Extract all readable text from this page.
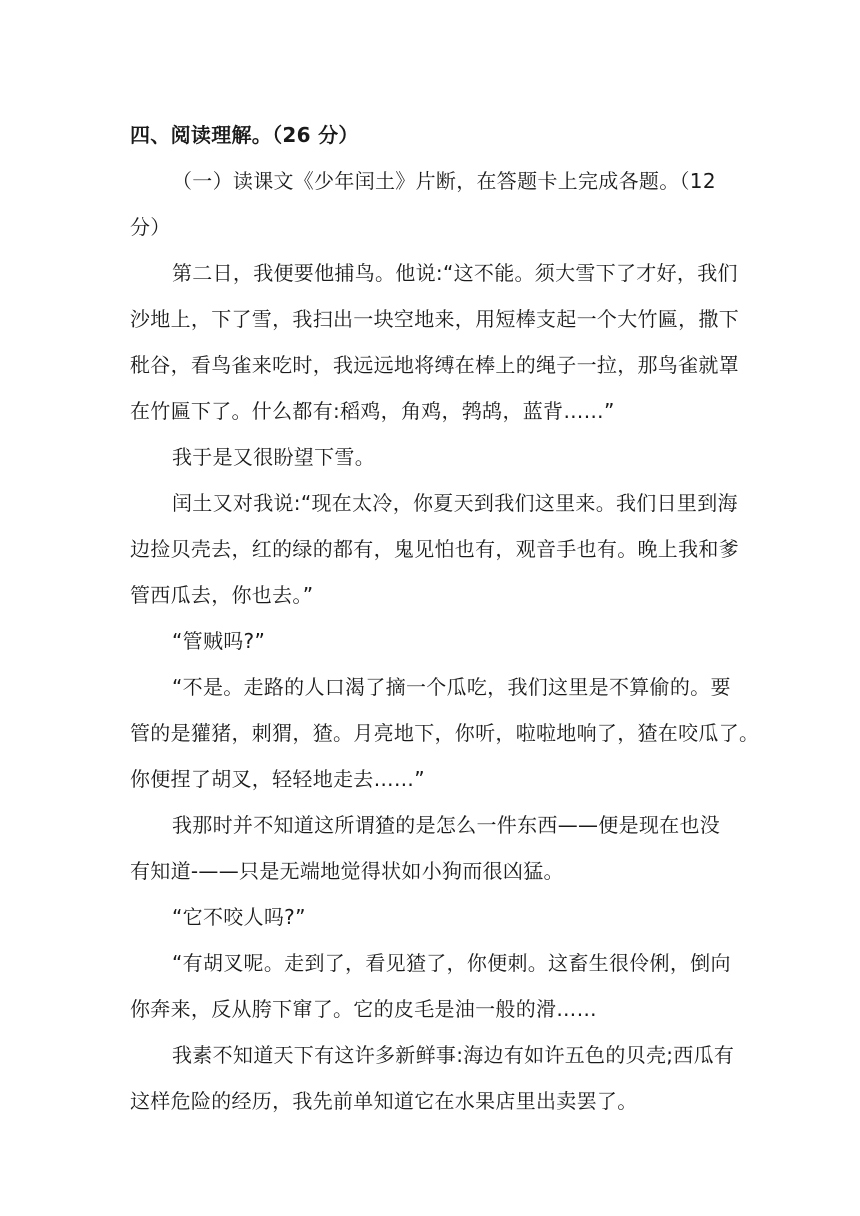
四、阅读理解。（26 分）
（一）读课文《少年闰土》片断，在答题卡上完成各题。（12
分）
第二日，我便要他捕鸟。他说:“这不能。须大雪下了才好，我们
沙地上，下了雪，我扫出一块空地来，用短棒支起一个大竹匾，撒下
秕谷，看鸟雀来吃时，我远远地将缚在棒上的绳子一拉，那鸟雀就罩
在竹匾下了。什么都有:稻鸡，角鸡，鹁鸪，蓝背……”
我于是又很盼望下雪。
闰土又对我说:“现在太冷，你夏天到我们这里来。我们日里到海
边捡贝壳去，红的绿的都有，鬼见怕也有，观音手也有。晚上我和爹
管西瓜去，你也去。”
“管贼吗?”
“不是。走路的人口渴了摘一个瓜吃，我们这里是不算偷的。要
管的是獾猪，刺猬，猹。月亮地下，你听，啦啦地响了，猹在咬瓜了。
你便捏了胡叉，轻轻地走去……”
我那时并不知道这所谓猹的是怎么一件东西——便是现在也没
有知道-——只是无端地觉得状如小狗而很凶猛。
“它不咬人吗?”
“有胡叉呢。走到了，看见猹了，你便刺。这畜生很伶俐，倒向
你奔来，反从胯下窜了。它的皮毛是油一般的滑……
我素不知道天下有这许多新鲜事:海边有如许五色的贝壳;西瓜有
这样危险的经历，我先前单知道它在水果店里出卖罢了。
